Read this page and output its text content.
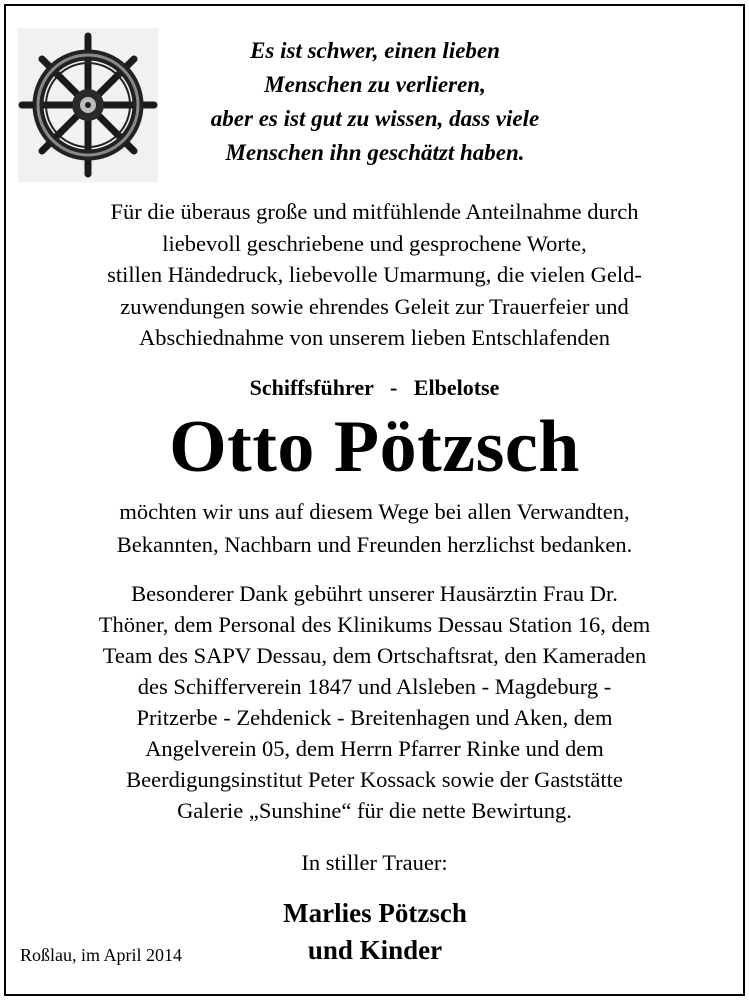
Es ist schwer, einen lieben
Menschen zu verlieren,
aber es ist gut zu wissen, dass viele
Menschen ihn geschätzt haben.
Für die überaus große und mitfühlende Anteilnahme durch
liebevoll geschriebene und gesprochene Worte,
stillen Händedruck, liebevolle Umarmung, die vielen Geld-
zuwendungen sowie ehrendes Geleit zur Trauerfeier und
Abschiednahme von unserem lieben Entschlafenden
Schiffsführer   -   Elbelotse
Otto Pötzsch
möchten wir uns auf diesem Wege bei allen Verwandten,
Bekannten, Nachbarn und Freunden herzlichst bedanken.
Besonderer Dank gebührt unserer Hausärztin Frau Dr.
Thöner, dem Personal des Klinikums Dessau Station 16, dem
Team des SAPV Dessau, dem Ortschaftsrat, den Kameraden
des Schifferverein 1847 und Alsleben - Magdeburg -
Pritzerbe - Zehdenick - Breitenhagen und Aken, dem
Angelverein 05, dem Herrn Pfarrer Rinke und dem
Beerdigungsinstitut Peter Kossack sowie der Gaststätte
Galerie „Sunshine“ für die nette Bewirtung.
In stiller Trauer:
Marlies Pötzsch
und Kinder
Roßlau, im April 2014
